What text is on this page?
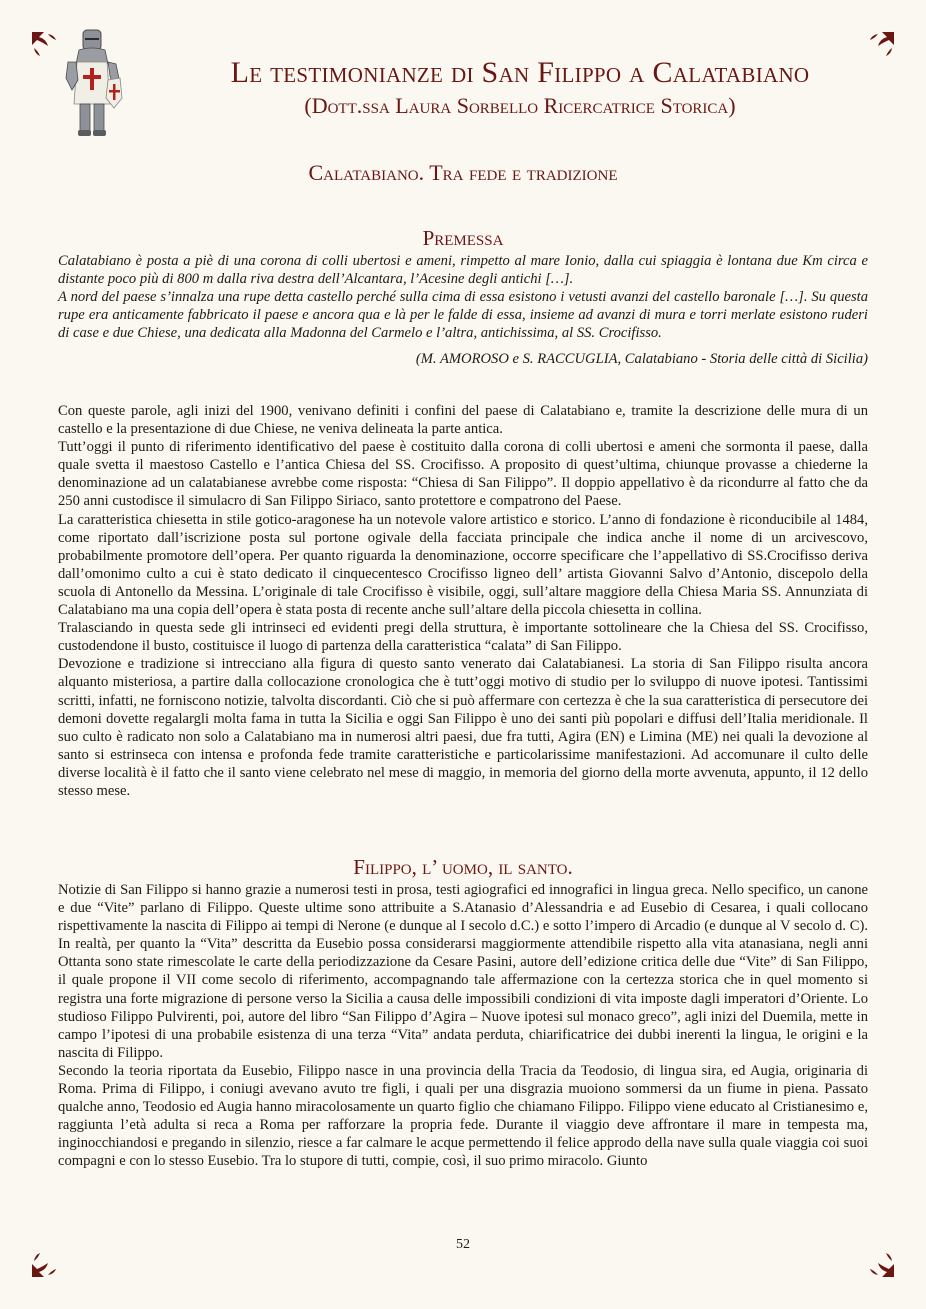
Le testimonianze di San Filippo a Calatabiano
(Dott.ssa Laura Sorbello Ricercatrice Storica)
Calatabiano. Tra fede e tradizione
Premessa

Calatabiano è posta a piè di una corona di colli ubertosi e ameni, rimpetto al mare Ionio, dalla cui spiaggia è lontana due Km circa e distante poco più di 800 m dalla riva destra dell’Alcantara, l’Acesine degli antichi […].

A nord del paese s’innalza una rupe detta castello perché sulla cima di essa esistono i vetusti avanzi del castello baronale […]. Su questa rupe era anticamente fabbricato il paese e ancora qua e là per le falde di essa, insieme ad avanzi di mura e torri merlate esistono ruderi di case e due Chiese, una dedicata alla Madonna del Carmelo e l’altra, antichissima, al SS. Crocifisso.

(M. AMOROSO e S. RACCUGLIA, Calatabiano - Storia delle città di Sicilia)

Con queste parole, agli inizi del 1900, venivano definiti i confini del paese di Calatabiano e, tramite la descrizione delle mura di un castello e la presentazione di due Chiese, ne veniva delineata la parte antica.

Tutt’oggi il punto di riferimento identificativo del paese è costituito dalla corona di colli ubertosi e ameni che sormonta il paese, dalla quale svetta il maestoso Castello e l’antica Chiesa del SS. Crocifisso. A proposito di quest’ultima, chiunque provasse a chiederne la denominazione ad un calatabianese avrebbe come risposta: “Chiesa di San Filippo”. Il doppio appellativo è da ricondurre al fatto che da 250 anni custodisce il simulacro di San Filippo Siriaco, santo protettore e compatrono del Paese.

La caratteristica chiesetta in stile gotico-aragonese ha un notevole valore artistico e storico. L’anno di fondazione è riconducibile al 1484, come riportato dall’iscrizione posta sul portone ogivale della facciata principale che indica anche il nome di un arcivescovo, probabilmente promotore dell’opera. Per quanto riguarda la denominazione, occorre specificare che l’appellativo di SS.Crocifisso deriva dall’omonimo culto a cui è stato dedicato il cinquecentesco Crocifisso ligneo dell’ artista Giovanni Salvo d’Antonio, discepolo della scuola di Antonello da Messina. L’originale di tale Crocifisso è visibile, oggi, sull’altare maggiore della Chiesa Maria SS. Annunziata di Calatabiano ma una copia dell’opera è stata posta di recente anche sull’altare della piccola chiesetta in collina.

Tralasciando in questa sede gli intrinseci ed evidenti pregi della struttura, è importante sottolineare che la Chiesa del SS. Crocifisso, custodendone il busto, costituisce il luogo di partenza della caratteristica “calata” di San Filippo.

Devozione e tradizione si intrecciano alla figura di questo santo venerato dai Calatabianesi. La storia di San Filippo risulta ancora alquanto misteriosa, a partire dalla collocazione cronologica che è tutt’oggi motivo di studio per lo sviluppo di nuove ipotesi. Tantissimi scritti, infatti, ne forniscono notizie, talvolta discordanti. Ciò che si può affermare con certezza è che la sua caratteristica di persecutore dei demoni dovette regalargli molta fama in tutta la Sicilia e oggi San Filippo è uno dei santi più popolari e diffusi dell’Italia meridionale. Il suo culto è radicato non solo a Calatabiano ma in numerosi altri paesi, due fra tutti, Agira (EN) e Limina (ME) nei quali la devozione al santo si estrinseca con intensa e profonda fede tramite caratteristiche e particolarissime manifestazioni. Ad accomunare il culto delle diverse località è il fatto che il santo viene celebrato nel mese di maggio, in memoria del giorno della morte avvenuta, appunto, il 12 dello stesso mese.

Filippo, l’ uomo, il santo.

Notizie di San Filippo si hanno grazie a numerosi testi in prosa, testi agiografici ed innografici in lingua greca. Nello specifico, un canone e due “Vite” parlano di Filippo. Queste ultime sono attribuite a S.Atanasio d’Alessandria e ad Eusebio di Cesarea, i quali collocano rispettivamente la nascita di Filippo ai tempi di Nerone (e dunque al I secolo d.C.) e sotto l’impero di Arcadio (e dunque al V secolo d. C). In realtà, per quanto la “Vita” descritta da Eusebio possa considerarsi maggiormente attendibile rispetto alla vita atanasiana, negli anni Ottanta sono state rimescolate le carte della periodizzazione da Cesare Pasini, autore dell’edizione critica delle due “Vite” di San Filippo, il quale propone il VII come secolo di riferimento, accompagnando tale affermazione con la certezza storica che in quel momento si registra una forte migrazione di persone verso la Sicilia a causa delle impossibili condizioni di vita imposte dagli imperatori d’Oriente. Lo studioso Filippo Pulvirenti, poi, autore del libro “San Filippo d’Agira – Nuove ipotesi sul monaco greco”, agli inizi del Duemila, mette in campo l’ipotesi di una probabile esistenza di una terza “Vita” andata perduta, chiarificatrice dei dubbi inerenti la lingua, le origini e la nascita di Filippo.

Secondo la teoria riportata da Eusebio, Filippo nasce in una provincia della Tracia da Teodosio, di lingua sira, ed Augia, originaria di Roma. Prima di Filippo, i coniugi avevano avuto tre figli, i quali per una disgrazia muoiono sommersi da un fiume in piena. Passato qualche anno, Teodosio ed Augia hanno miracolosamente un quarto figlio che chiamano Filippo. Filippo viene educato al Cristianesimo e, raggiunta l’età adulta si reca a Roma per rafforzare la propria fede. Durante il viaggio deve affrontare il mare in tempesta ma, inginocchiandosi e pregando in silenzio, riesce a far calmare le acque permettendo il felice approdo della nave sulla quale viaggia coi suoi compagni e con lo stesso Eusebio. Tra lo stupore di tutti, compie, così, il suo primo miracolo. Giunto

52
